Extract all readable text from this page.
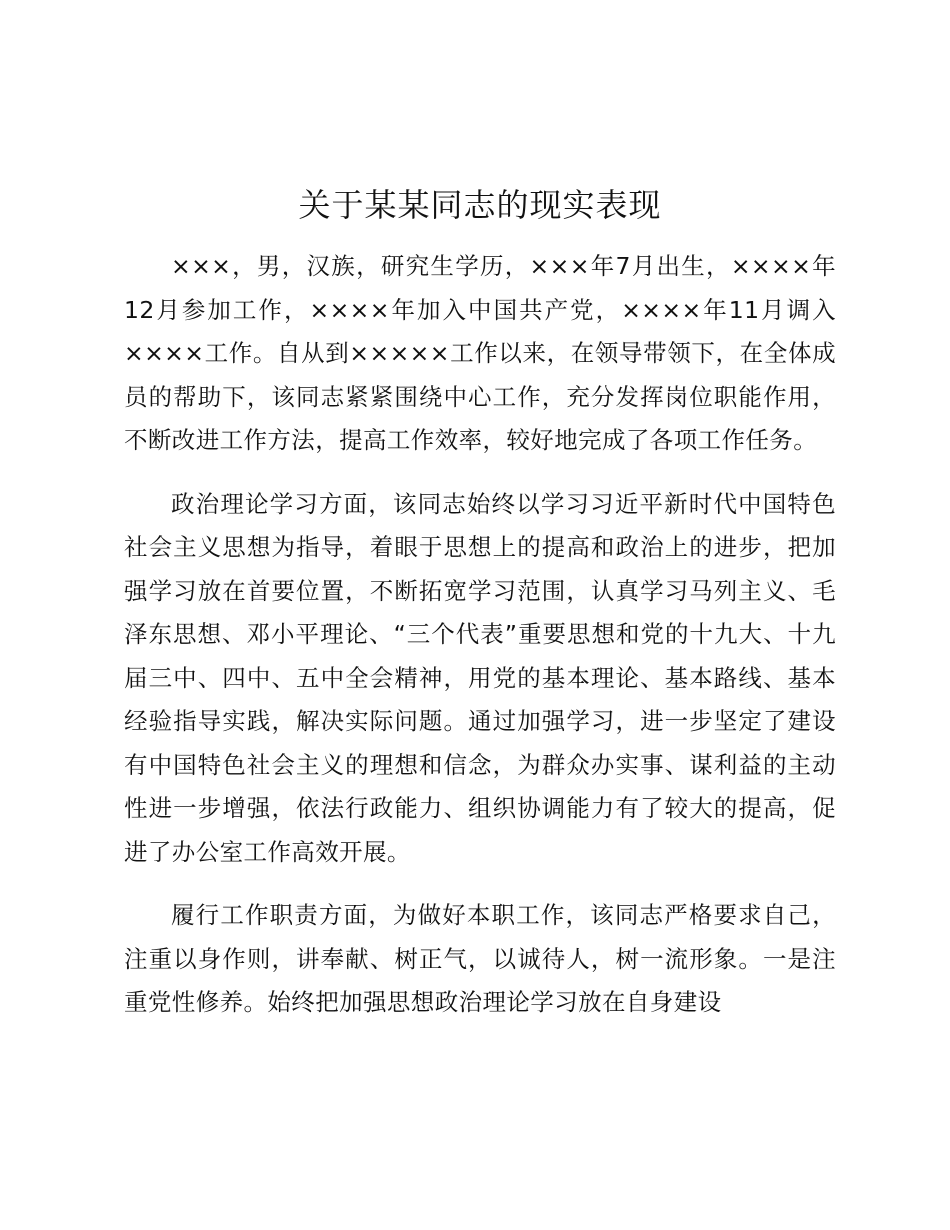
关于某某同志的现实表现

×××，男，汉族，研究生学历，×××年7月出生，××××年12月参加工作，××××年加入中国共产党，××××年11月调入××××工作。自从到×××××工作以来，在领导带领下，在全体成员的帮助下，该同志紧紧围绕中心工作，充分发挥岗位职能作用，不断改进工作方法，提高工作效率，较好地完成了各项工作任务。

政治理论学习方面，该同志始终以学习习近平新时代中国特色社会主义思想为指导，着眼于思想上的提高和政治上的进步，把加强学习放在首要位置，不断拓宽学习范围，认真学习马列主义、毛泽东思想、邓小平理论、“三个代表”重要思想和党的十九大、十九届三中、四中、五中全会精神，用党的基本理论、基本路线、基本经验指导实践，解决实际问题。通过加强学习，进一步坚定了建设有中国特色社会主义的理想和信念，为群众办实事、谋利益的主动性进一步增强，依法行政能力、组织协调能力有了较大的提高，促进了办公室工作高效开展。

履行工作职责方面，为做好本职工作，该同志严格要求自己，注重以身作则，讲奉献、树正气，以诚待人，树一流形象。一是注重党性修养。始终把加强思想政治理论学习放在自身建设
